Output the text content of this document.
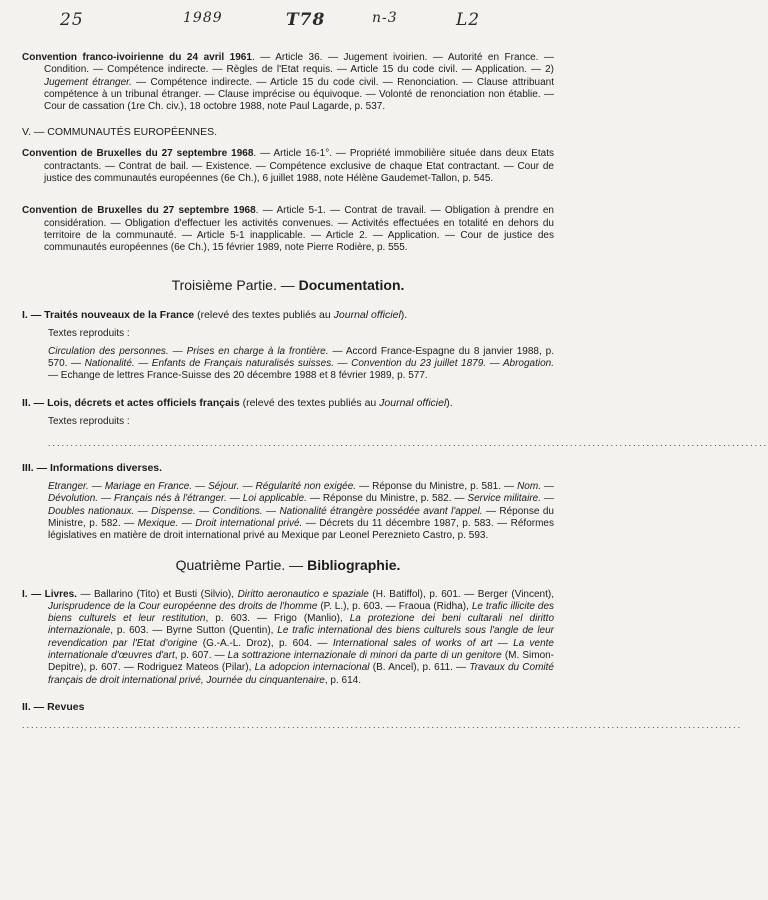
25	1989	T78	n-3	L2

Convention franco-ivoirienne du 24 avril 1961. — Article 36. — Jugement ivoirien. — Autorité en France. — Condition. — Compétence indirecte. — Règles de l'Etat requis. — Article 15 du code civil. — Application. — 2) Jugement étranger. — Compétence indirecte. — Article 15 du code civil. — Renonciation. — Clause attribuant compétence à un tribunal étranger. — Clause imprécise ou équivoque. — Volonté de renonciation non établie. — Cour de cassation (1re Ch. civ.), 18 octobre 1988, note Paul Lagarde, p. 537.

V. — COMMUNAUTÉS EUROPÉENNES.

Convention de Bruxelles du 27 septembre 1968. — Article 16-1°. — Propriété immobilière située dans deux Etats contractants. — Contrat de bail. — Existence. — Compétence exclusive de chaque Etat contractant. — Cour de justice des communautés européennes (6e Ch.), 6 juillet 1988, note Hélène Gaudemet-Tallon, p. 545.

Convention de Bruxelles du 27 septembre 1968. — Article 5-1. — Contrat de travail. — Obligation à prendre en considération. — Obligation d'effectuer les activités convenues. — Activités effectuées en totalité en dehors du territoire de la communauté. — Article 5-1 inapplicable. — Article 2. — Application. — Cour de justice des communautés européennes (6e Ch.), 15 février 1989, note Pierre Rodière, p. 555.

Troisième Partie. — Documentation.

I. — Traités nouveaux de la France (relevé des textes publiés au Journal officiel).

Textes reproduits :

Circulation des personnes. — Prises en charge à la frontière. — Accord France-Espagne du 8 janvier 1988, p. 570. — Nationalité. — Enfants de Français naturalisés suisses. — Convention du 23 juillet 1879. — Abrogation. — Echange de lettres France-Suisse des 20 décembre 1988 et 8 février 1989, p. 577.

II. — Lois, décrets et actes officiels français (relevé des textes publiés au Journal officiel).

Textes reproduits :

................................................................................................................................................................

III. — Informations diverses.

Etranger. — Mariage en France. — Séjour. — Régularité non exigée. — Réponse du Ministre, p. 581. — Nom. — Dévolution. — Français nés à l'étranger. — Loi applicable. — Réponse du Ministre, p. 582. — Service militaire. — Doubles nationaux. — Dispense. — Conditions. — Nationalité étrangère possédée avant l'appel. — Réponse du Ministre, p. 582. — Mexique. — Droit international privé. — Décrets du 11 décembre 1987, p. 583. — Réformes législatives en matière de droit international privé au Mexique par Leonel Pereznieto Castro, p. 593.

Quatrième Partie. — Bibliographie.

I. — Livres. — Ballarino (Tito) et Busti (Silvio), Diritto aeronautico e spaziale (H. Batiffol), p. 601. — Berger (Vincent), Jurisprudence de la Cour européenne des droits de l'homme (P. L.), p. 603. — Fraoua (Ridha), Le trafic illicite des biens culturels et leur restitution, p. 603. — Frigo (Manlio), La protezione dei beni cultarali nel diritto internazionale, p. 603. — Byrne Sutton (Quentin), Le trafic international des biens culturels sous l'angle de leur revendication par l'Etat d'origine (G.-A.-L. Droz), p. 604. — International sales of works of art — La vente internationale d'œuvres d'art, p. 607. — La sottrazione internazionale di minori da parte di un genitore (M. Simon-Depitre), p. 607. — Rodriguez Mateos (Pilar), La adopcion internacional (B. Ancel), p. 611. — Travaux du Comité français de droit international privé, Journée du cinquantenaire, p. 614.

II. — Revues

................................................................................................................................................................
